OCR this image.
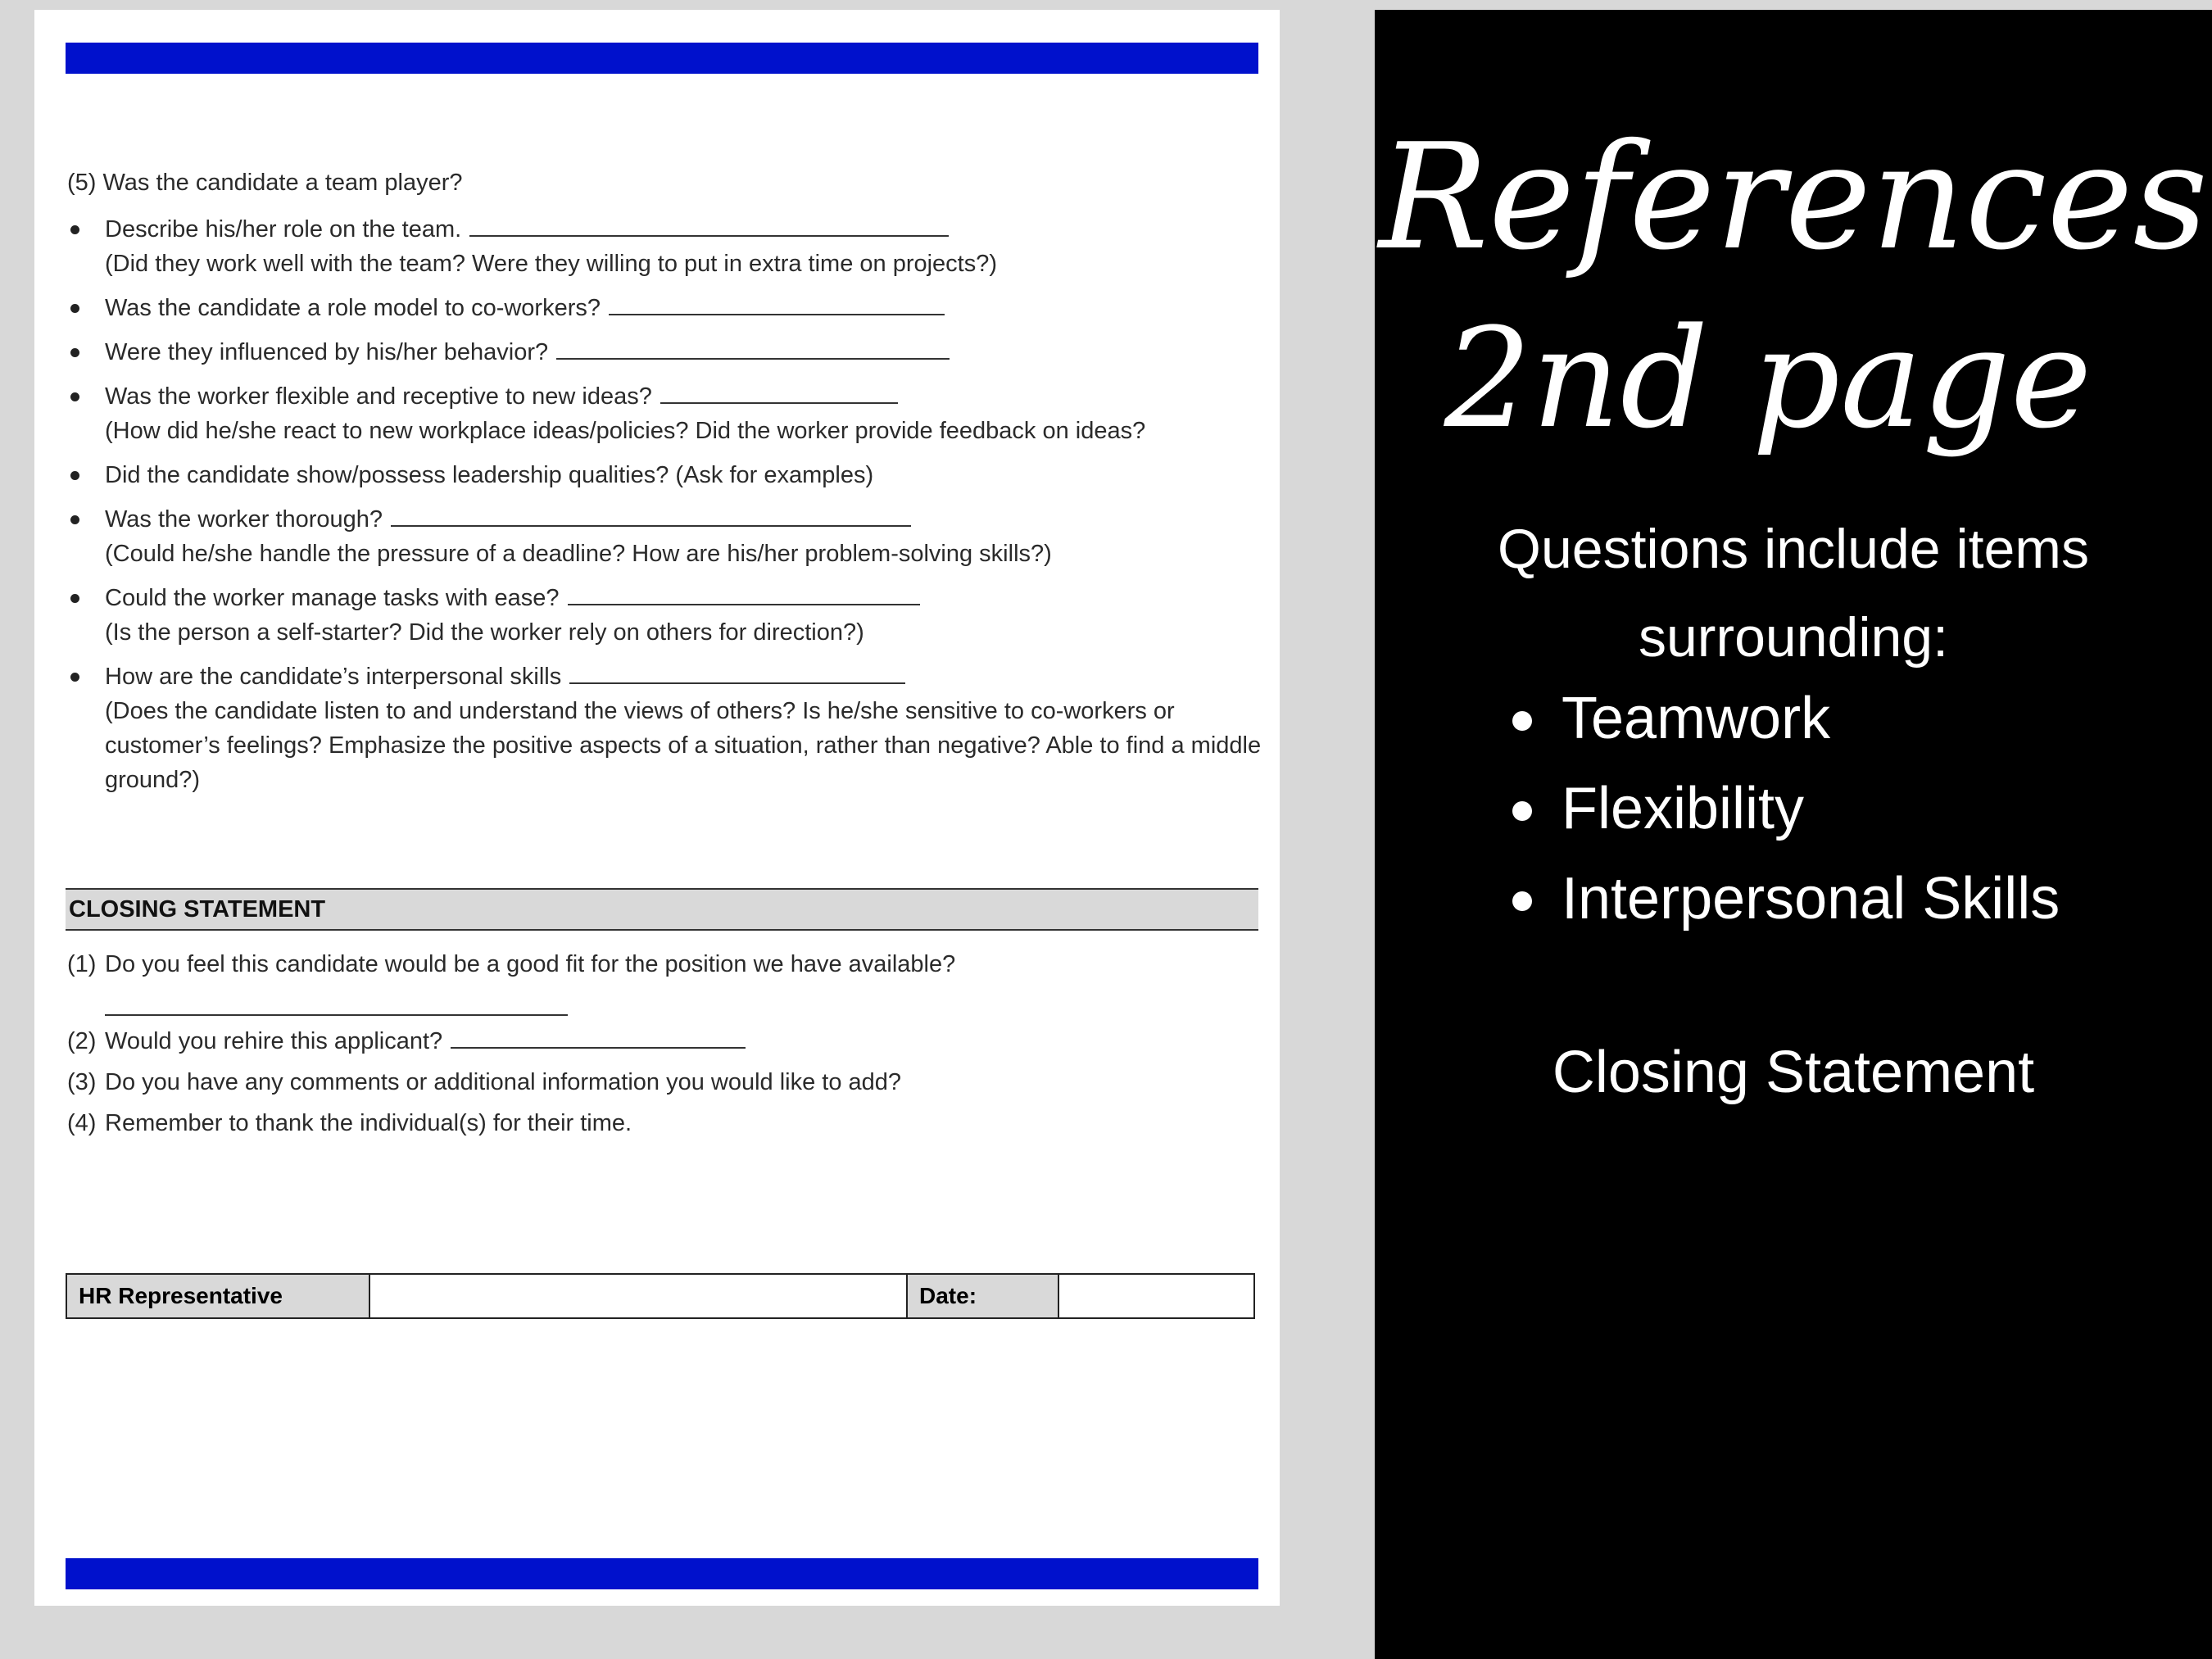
(5) Was the candidate a team player?
Describe his/her role on the team.
(Did they work well with the team? Were they willing to put in extra time on projects?)
Was the candidate a role model to co-workers?
Were they influenced by his/her behavior?
Was the worker flexible and receptive to new ideas?
(How did he/she react to new workplace ideas/policies? Did the worker provide feedback on ideas?
Did the candidate show/possess leadership qualities? (Ask for examples)
Was the worker thorough?
(Could he/she handle the pressure of a deadline? How are his/her problem-solving skills?)
Could the worker manage tasks with ease?
(Is the person a self-starter? Did the worker rely on others for direction?)
How are the candidate’s interpersonal skills
(Does the candidate listen to and understand the views of others? Is he/she sensitive to co-workers or customer’s feelings? Emphasize the positive aspects of a situation, rather than negative? Able to find a middle ground?)
CLOSING STATEMENT
(1) Do you feel this candidate would be a good fit for the position we have available?
(2) Would you rehire this applicant?
(3) Do you have any comments or additional information you would like to add?
(4) Remember to thank the individual(s) for their time.
HR Representative		Date:	
References
2nd page
Questions include items
surrounding:
Teamwork
Flexibility
Interpersonal Skills
Closing Statement
